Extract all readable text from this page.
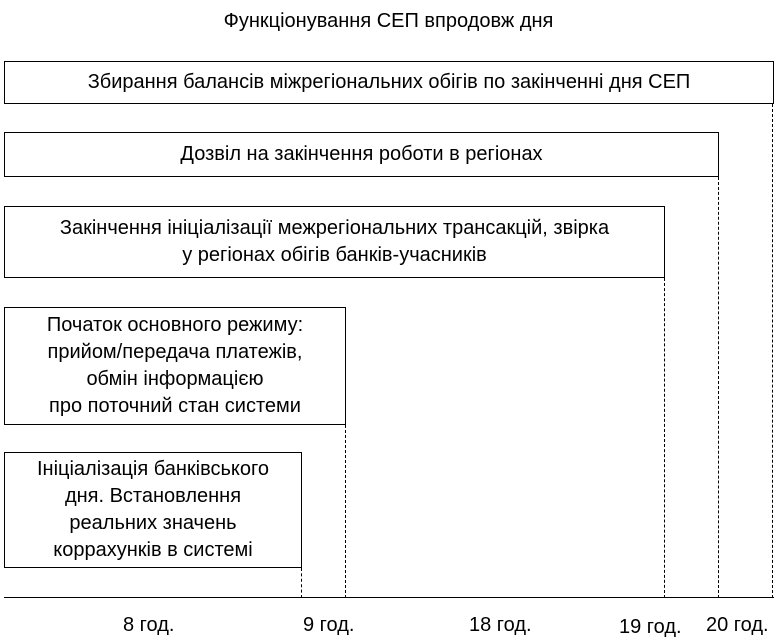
Функціонування СЕП впродовж дня
Збирання балансів міжрегіональних обігів по закінченні дня СЕП
Дозвіл на закінчення роботи в регіонах
Закінчення ініціалізації межрегіональних трансакцій, звірка
у регіонах обігів банків-учасників
Початок основного режиму:
прийом/передача платежів,
обмін інформацією
про поточний стан системи
Ініціалізація банківського
дня. Встановлення
реальних значень
коррахунків в системі
8 год.	9 год.	18 год.	19 год. 20 год.
